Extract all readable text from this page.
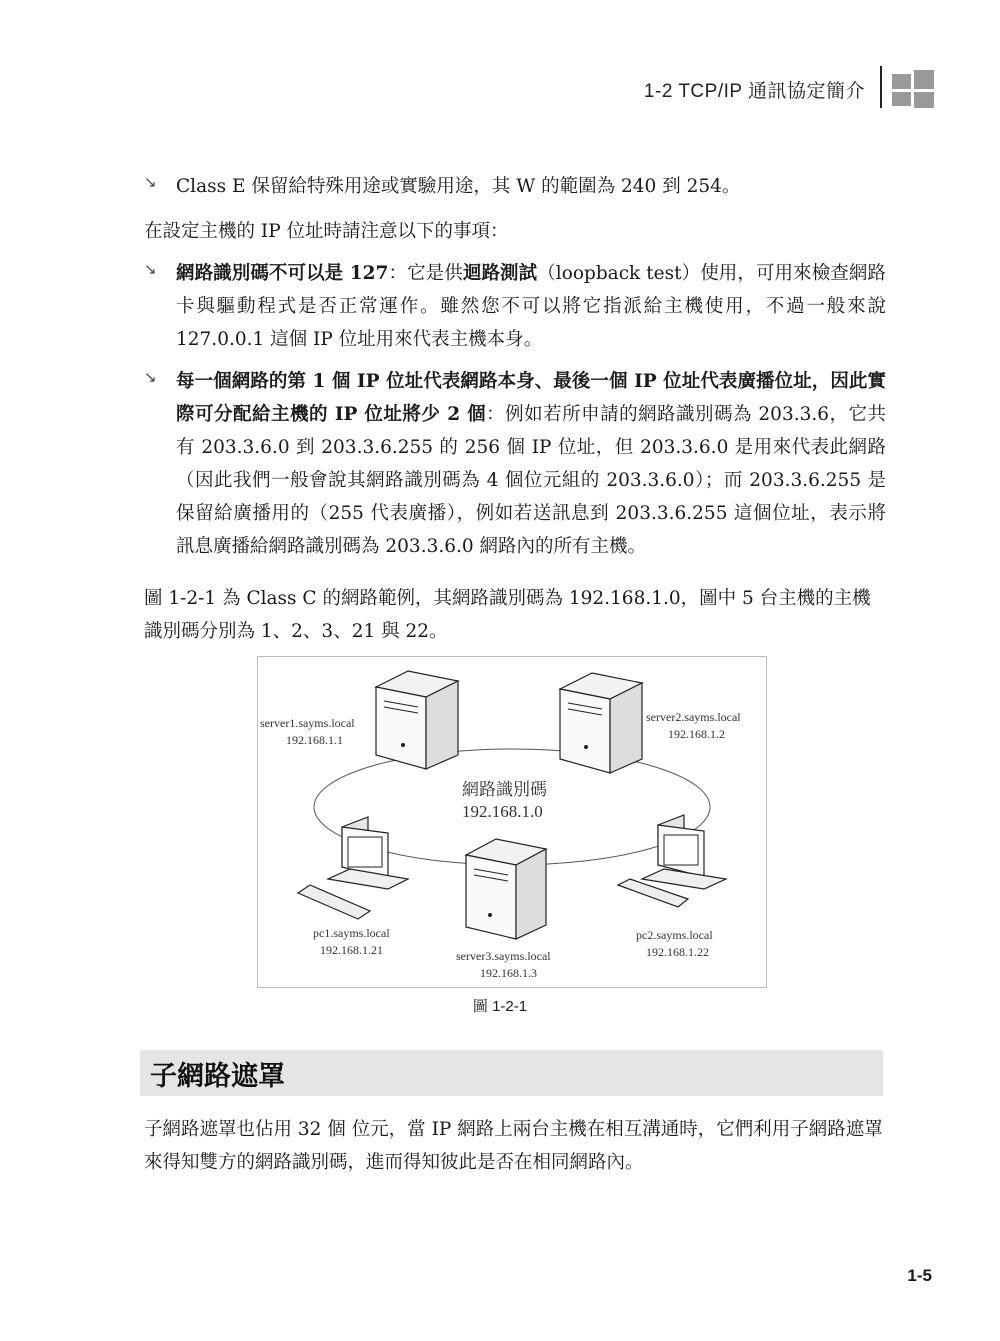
1-2 TCP/IP 通訊協定簡介
↘ Class E 保留給特殊用途或實驗用途，其 W 的範圍為 240 到 254。
在設定主機的 IP 位址時請注意以下的事項：
↘ 網路識別碼不可以是 127：它是供迴路測試（loopback test）使用，可用來檢查網路卡與驅動程式是否正常運作。雖然您不可以將它指派給主機使用，不過一般來說 127.0.0.1 這個 IP 位址用來代表主機本身。
↘ 每一個網路的第 1 個 IP 位址代表網路本身、最後一個 IP 位址代表廣播位址，因此實際可分配給主機的 IP 位址將少 2 個：例如若所申請的網路識別碼為 203.3.6，它共有 203.3.6.0 到 203.3.6.255 的 256 個 IP 位址，但 203.3.6.0 是用來代表此網路（因此我們一般會說其網路識別碼為 4 個位元組的 203.3.6.0）；而 203.3.6.255 是保留給廣播用的（255 代表廣播），例如若送訊息到 203.3.6.255 這個位址，表示將訊息廣播給網路識別碼為 203.3.6.0 網路內的所有主機。
圖 1-2-1 為 Class C 的網路範例，其網路識別碼為 192.168.1.0，圖中 5 台主機的主機識別碼分別為 1、2、3、21 與 22。
server1.sayms.local
192.168.1.1
server2.sayms.local
192.168.1.2
網路識別碼
192.168.1.0
pc1.sayms.local
192.168.1.21	server3.sayms.local
192.168.1.3
pc2.sayms.local
192.168.1.22
圖 1-2-1
子網路遮罩
子網路遮罩也佔用 32 個 位元，當 IP 網路上兩台主機在相互溝通時，它們利用子網路遮罩來得知雙方的網路識別碼，進而得知彼此是否在相同網路內。
1-5
